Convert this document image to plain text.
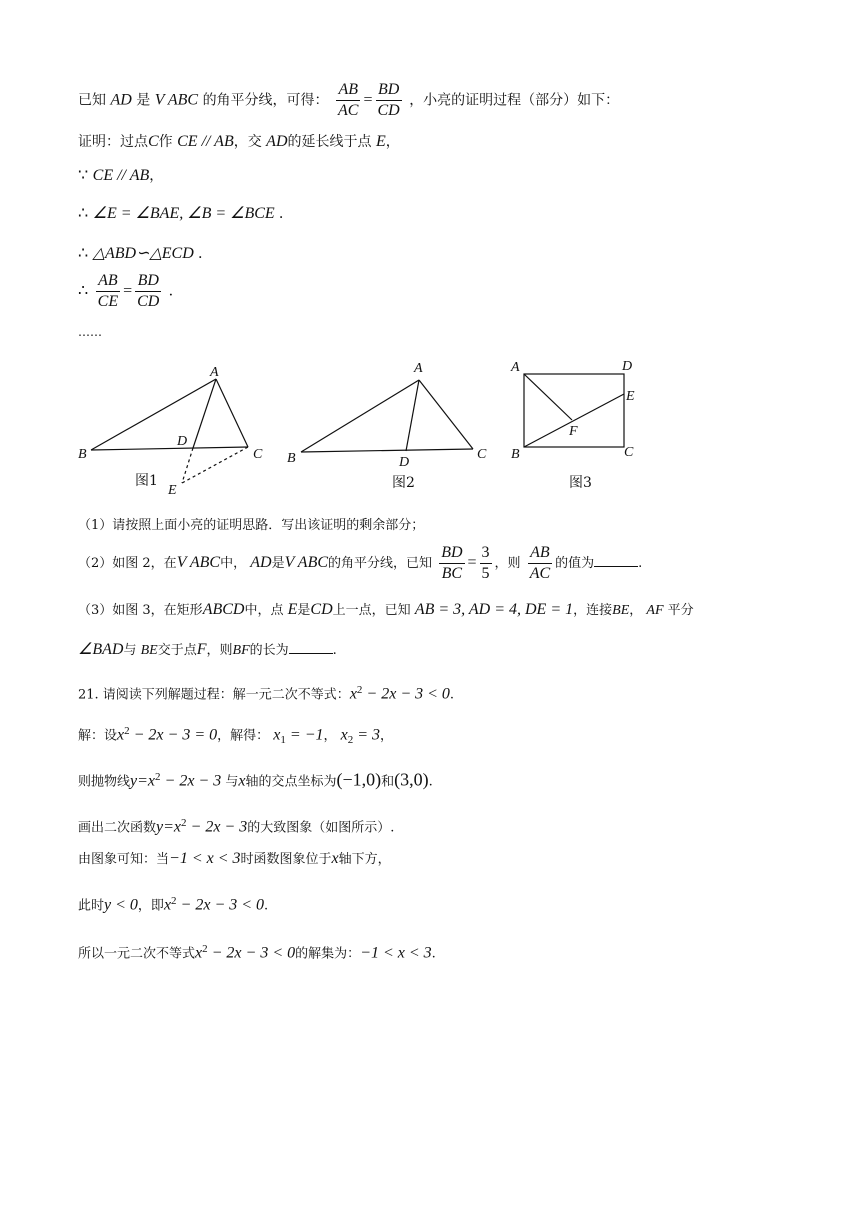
已知 AD 是 V ABC 的角平分线，可得： $\frac{AB}{AC} = \frac{BD}{CD}$ ，小亮的证明过程（部分）如下：
证明：过点C作 CE // AB，交 AD的延长线于点 E，
∵ CE // AB，
∴ ∠E = ∠BAE, ∠B = ∠BCE .
∴ △ABD∽△ECD .
∴ $\frac{AB}{CE} = \frac{BD}{CD}$ .
……
A
B	C
D
E
图1
A
B	C
D
图2
A	D
E
F
B	C
图3
（1）请按照上面小亮的证明思路．写出该证明的剩余部分；
（2）如图 2，在V ABC中， AD是V ABC的角平分线，已知 $\frac{BD}{BC} = \frac{3}{5}$ ，则 $\frac{AB}{AC}$ 的值为	.
（3）如图 3，在矩形ABCD中，点 E是CD上一点，已知 AB = 3, AD = 4, DE = 1，连接BE， AF 平分
∠BAD与 BE交于点F，则BF的长为	.
21. 请阅读下列解题过程：解一元二次不等式：$x^2 - 2x - 3 < 0$.
解：设$x^2 - 2x - 3 = 0$，解得： $x_1 = -1$， $x_2 = 3$，
则抛物线$y=x^2 - 2x - 3$ 与x轴的交点坐标为(−1,0)和(3,0).
画出二次函数$y=x^2 - 2x - 3$的大致图象（如图所示）.
由图象可知：当−1 < x < 3时函数图象位于x轴下方，
此时y < 0，即$x^2 - 2x - 3 < 0$.
所以一元二次不等式$x^2 - 2x - 3 < 0$的解集为：−1 < x < 3.
